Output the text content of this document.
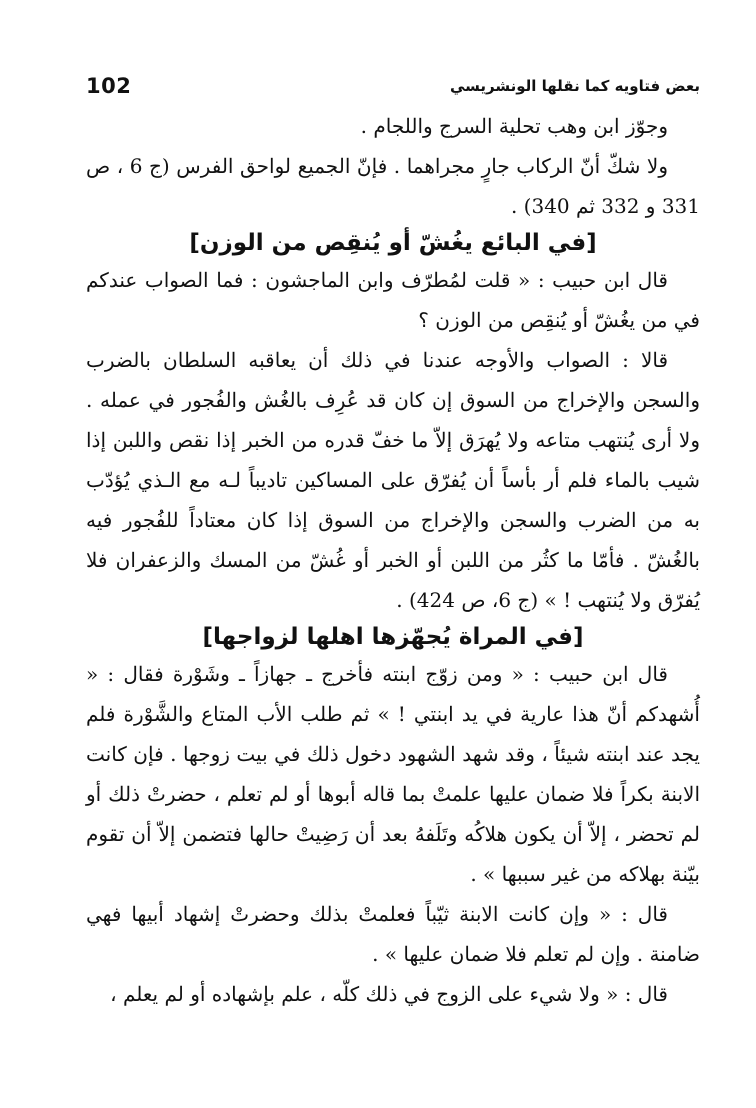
102	بعض فتاويه كما نقلها الونشريسي

وجوّز ابن وهب تحلية السرج واللجام .

ولا شكّ أنّ الركاب جارٍ مجراهما . فإنّ الجميع لواحق الفرس (ج 6 ، ص 331 و 332 ثم 340) .

[في البائع يغُشّ أو يُنقِص من الوزن]

قال ابن حبيب : « قلت لمُطرّف وابن الماجشون : فما الصواب عندكم في من يغُشّ أو يُنقِص من الوزن ؟

قالا : الصواب والأوجه عندنا في ذلك أن يعاقبه السلطان بالضرب والسجن والإخراج من السوق إن كان قد عُرِف بالغُش والفُجور في عمله . ولا أرى يُنتهب متاعه ولا يُهرَق إلاّ ما خفّ قدره من الخبر إذا نقص واللبن إذا شيب بالماء فلم أر بأساً أن يُفرّق على المساكين تاديباً لـه مع الـذي يُؤدّب به من الضرب والسجن والإخراج من السوق إذا كان معتاداً للفُجور فيه بالغُشّ . فأمّا ما كثُر من اللبن أو الخبر أو غُشّ من المسك والزعفران فلا يُفرّق ولا يُنتهب ! » (ج 6، ص 424) .

[في المراة يُجهّزها اهلها لزواجها]

قال ابن حبيب : « ومن زوّج ابنته فأخرج ـ جهازاً ـ وشَوْرة فقال : « أُشهدكم أنّ هذا عارية في يد ابنتي ! » ثم طلب الأب المتاع والشَّوْرة فلم يجد عند ابنته شيئاً ، وقد شهد الشهود دخول ذلك في بيت زوجها . فإن كانت الابنة بكراً فلا ضمان عليها علمتْ بما قاله أبوها أو لم تعلم ، حضرتْ ذلك أو لم تحضر ، إلاّ أن يكون هلاكُه وتَلَفهُ بعد أن رَضِيتْ حالها فتضمن إلاّ أن تقوم بيّنة بهلاكه من غير سببها » .

قال : « وإن كانت الابنة ثيّباً فعلمتْ بذلك وحضرتْ إشهاد أبيها فهي ضامنة . وإن لم تعلم فلا ضمان عليها » .

قال : « ولا شيء على الزوج في ذلك كلّه ، علم بإشهاده أو لم يعلم ،
